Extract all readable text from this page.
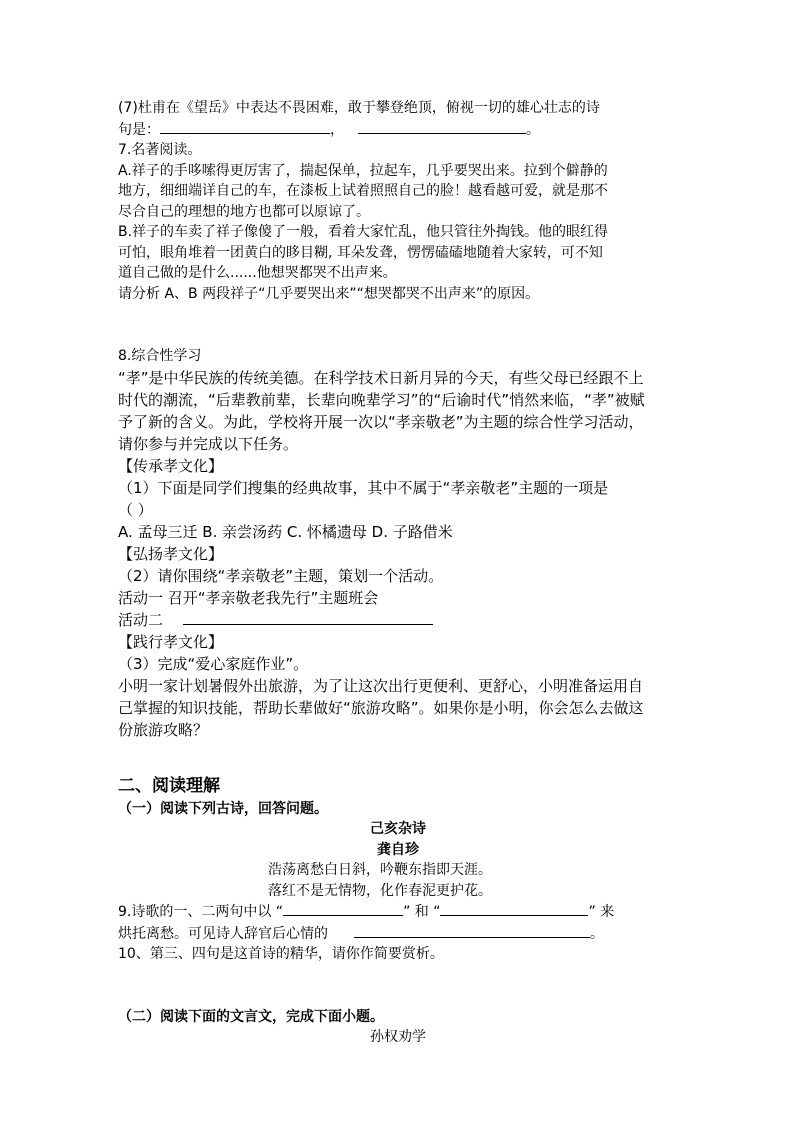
(7)杜甫在《望岳》中表达不畏困难，敢于攀登绝顶，俯视一切的雄心壮志的诗
句是：	，	。
7.名著阅读。
A.祥子的手哆嗦得更厉害了，揣起保单，拉起车，几乎要哭出来。拉到个僻静的
地方，细细端详自己的车，在漆板上试着照照自己的脸！越看越可爱，就是那不
尽合自己的理想的地方也都可以原谅了。
B.祥子的车卖了祥子像傻了一般，看着大家忙乱，他只管往外掏钱。他的眼红得
可怕，眼角堆着一团黄白的眵目糊, 耳朵发聋，愣愣磕磕地随着大家转，可不知
道自己做的是什么......他想哭都哭不出声来。
请分析 A、B 两段祥子“几乎要哭出来”“想哭都哭不出声来”的原因。
8.综合性学习
“孝”是中华民族的传统美德。在科学技术日新月异的今天，有些父母已经跟不上
时代的潮流，“后辈教前辈，长辈向晚辈学习”的“后谕时代”悄然来临，“孝”被赋
予了新的含义。为此，学校将开展一次以“孝亲敬老”为主题的综合性学习活动，
请你参与并完成以下任务。
【传承孝文化】
（1）下面是同学们搜集的经典故事，其中不属于“孝亲敬老”主题的一项是
（ ）
A. 孟母三迁 B. 亲尝汤药 C. 怀橘遗母 D. 子路借米
【弘扬孝文化】
（2）请你围绕“孝亲敬老”主题，策划一个活动。
活动一 召开“孝亲敬老我先行”主题班会
活动二
【践行孝文化】
（3）完成“爱心家庭作业”。
小明一家计划暑假外出旅游，为了让这次出行更便利、更舒心，小明准备运用自
己掌握的知识技能，帮助长辈做好“旅游攻略”。如果你是小明，你会怎么去做这
份旅游攻略？
二、阅读理解
（一）阅读下列古诗，回答问题。
己亥杂诗
龚自珍
浩荡离愁白日斜，吟鞭东指即天涯。
落红不是无情物，化作春泥更护花。
9.诗歌的一、二两句中以 “	” 和 “	” 来
烘托离愁。可见诗人辞官后心情的	。
10、第三、四句是这首诗的精华，请你作简要赏析。
（二）阅读下面的文言文，完成下面小题。
孙权劝学
